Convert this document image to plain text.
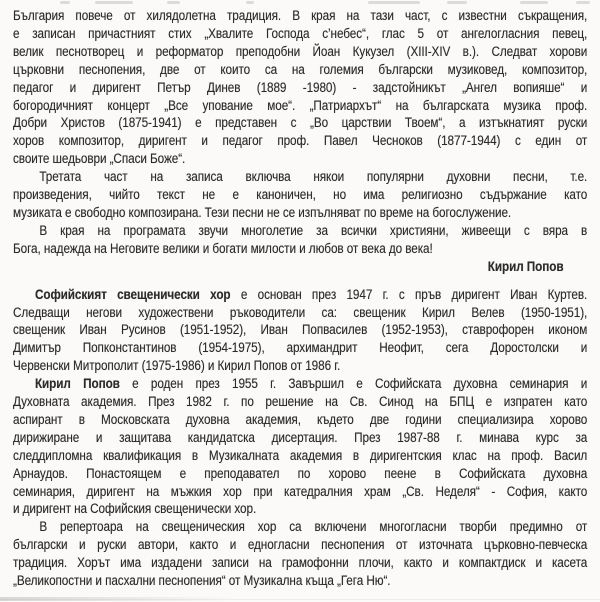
България повече от хилядолетна традиция. В края на тази част, с известни съкращения,
е записан причастният стих „Хвалите Господа с’небес“, глас 5 от ангелогласния певец,
велик песнотворец и реформатор преподобни Йоан Кукузел (XIII-XIV в.). Следват хорови
църковни песнопения, две от които са на големия български музиковед, композитор,
педагог и диригент Петър Динев (1889 -1980) - задстойникът „Ангел вопияше“ и
богородичният концерт „Все упование мое“. „Патриархът“ на българската музика проф.
Добри Христов (1875-1941) е представен с „Во царствии Твоем“, а изтъкнатият руски
хоров композитор, диригент и педагог проф. Павел Чесноков (1877-1944) с един от
своите шедьоври „Спаси Боже“.
Третата част на записа включва някои популярни духовни песни, т.е.
произведения, чийто текст не е каноничен, но има религиозно съдържание като
музиката е свободно композирана. Тези песни не се изпълняват по време на богослужение.
В края на програмата звучи многолетие за всички християни, живеещи с вяра в
Бога, надежда на Неговите велики и богати милости и любов от века до века!
Кирил Попов
Софийският свещенически хор е основан през 1947 г. с пръв диригент Иван Куртев.
Следващи негови художествени ръководители са: свещеник Кирил Велев (1950-1951),
свещеник Иван Русинов (1951-1952), Иван Попвасилев (1952-1953), ставрофорен иконом
Димитър Попконстантинов (1954-1975), архимандрит Неофит, сега Доростолски и
Червенски Митрополит (1975-1986) и Кирил Попов от 1986 г.
Кирил Попов е роден през 1955 г. Завършил е Софийската духовна семинария и
Духовната академия. През 1982 г. по решение на Св. Синод на БПЦ е изпратен като
аспирант в Московската духовна академия, където две години специализира хорово
дирижиране и защитава кандидатска дисертация. През 1987-88 г. минава курс за
следдипломна квалификация в Музикалната академия в диригентския клас на проф. Васил
Арнаудов. Понастоящем е преподавател по хорово пеене в Софийската духовна
семинария, диригент на мъжкия хор при катедралния храм „Св. Неделя“ - София, както
и диригент на Софийския свещенически хор.
В репертоара на свещеническия хор са включени многогласни творби предимно от
български и руски автори, както и едногласни песнопения от източната църковно-певческа
традиция. Хорът има издадени записи на грамофонни плочи, както и компактдиск и касета
„Великопостни и пасхални песнопения“ от Музикална къща „Гега Ню“.
